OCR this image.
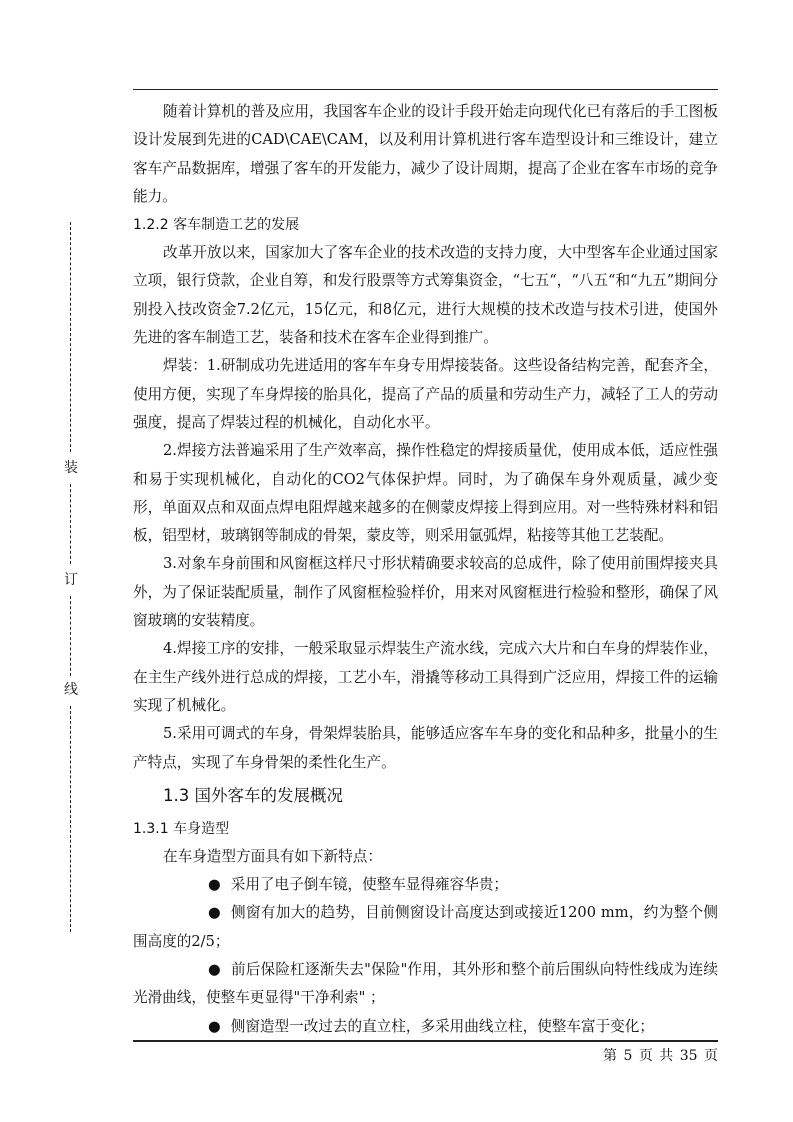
装
订
线

随着计算机的普及应用，我国客车企业的设计手段开始走向现代化已有落后的手工图板设计发展到先进的CAD\CAE\CAM，以及利用计算机进行客车造型设计和三维设计，建立客车产品数据库，增强了客车的开发能力，减少了设计周期，提高了企业在客车市场的竞争能力。

1.2.2 客车制造工艺的发展

改革开放以来，国家加大了客车企业的技术改造的支持力度，大中型客车企业通过国家立项，银行贷款，企业自筹，和发行股票等方式筹集资金，“七五“，“八五“和“九五”期间分别投入技改资金7.2亿元，15亿元，和8亿元，进行大规模的技术改造与技术引进，使国外先进的客车制造工艺，装备和技术在客车企业得到推广。

焊装：1.研制成功先进适用的客车车身专用焊接装备。这些设备结构完善，配套齐全，使用方便，实现了车身焊接的胎具化，提高了产品的质量和劳动生产力，减轻了工人的劳动强度，提高了焊装过程的机械化，自动化水平。

2.焊接方法普遍采用了生产效率高，操作性稳定的焊接质量优，使用成本低，适应性强和易于实现机械化，自动化的CO2气体保护焊。同时，为了确保车身外观质量，减少变形，单面双点和双面点焊电阻焊越来越多的在侧蒙皮焊接上得到应用。对一些特殊材料和铝板，铝型材，玻璃钢等制成的骨架，蒙皮等，则采用氩弧焊，粘接等其他工艺装配。

3.对象车身前围和风窗框这样尺寸形状精确要求较高的总成件，除了使用前围焊接夹具外，为了保证装配质量，制作了风窗框检验样价，用来对风窗框进行检验和整形，确保了风窗玻璃的安装精度。

4.焊接工序的安排，一般采取显示焊装生产流水线，完成六大片和白车身的焊装作业，在主生产线外进行总成的焊接，工艺小车，滑撬等移动工具得到广泛应用，焊接工件的运输实现了机械化。

5.采用可调式的车身，骨架焊装胎具，能够适应客车车身的变化和品种多，批量小的生产特点，实现了车身骨架的柔性化生产。

1.3 国外客车的发展概况
1.3.1 车身造型

在车身造型方面具有如下新特点：

● 采用了电子倒车镜，使整车显得雍容华贵；

● 侧窗有加大的趋势，目前侧窗设计高度达到或接近1200 mm，约为整个侧围高度的2/5；

● 前后保险杠逐渐失去"保险"作用，其外形和整个前后围纵向特性线成为连续光滑曲线，使整车更显得"干净利索" ；

● 侧窗造型一改过去的直立柱，多采用曲线立柱，使整车富于变化；

第 5 页 共 35 页
